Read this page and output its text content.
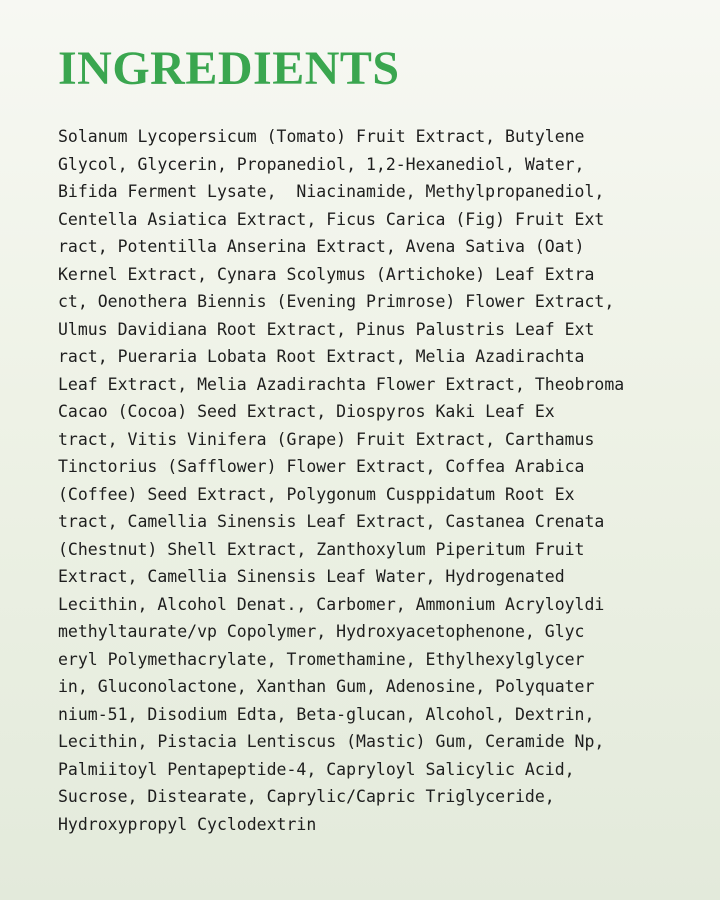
INGREDIENTS
Solanum Lycopersicum (Tomato) Fruit Extract, Butylene
Glycol, Glycerin, Propanediol, 1,2-Hexanediol, Water,
Bifida Ferment Lysate,  Niacinamide, Methylpropanediol,
Centella Asiatica Extract, Ficus Carica (Fig) Fruit Ext
ract, Potentilla Anserina Extract, Avena Sativa (Oat)
Kernel Extract, Cynara Scolymus (Artichoke) Leaf Extra
ct, Oenothera Biennis (Evening Primrose) Flower Extract,
Ulmus Davidiana Root Extract, Pinus Palustris Leaf Ext
ract, Pueraria Lobata Root Extract, Melia Azadirachta
Leaf Extract, Melia Azadirachta Flower Extract, Theobroma
Cacao (Cocoa) Seed Extract, Diospyros Kaki Leaf Ex
tract, Vitis Vinifera (Grape) Fruit Extract, Carthamus
Tinctorius (Safflower) Flower Extract, Coffea Arabica
(Coffee) Seed Extract, Polygonum Cusppidatum Root Ex
tract, Camellia Sinensis Leaf Extract, Castanea Crenata
(Chestnut) Shell Extract, Zanthoxylum Piperitum Fruit
Extract, Camellia Sinensis Leaf Water, Hydrogenated
Lecithin, Alcohol Denat., Carbomer, Ammonium Acryloyldi
methyltaurate/vp Copolymer, Hydroxyacetophenone, Glyc
eryl Polymethacrylate, Tromethamine, Ethylhexylglycer
in, Gluconolactone, Xanthan Gum, Adenosine, Polyquater
nium-51, Disodium Edta, Beta-glucan, Alcohol, Dextrin,
Lecithin, Pistacia Lentiscus (Mastic) Gum, Ceramide Np,
Palmiitoyl Pentapeptide-4, Capryloyl Salicylic Acid,
Sucrose, Distearate, Caprylic/Capric Triglyceride,
Hydroxypropyl Cyclodextrin
